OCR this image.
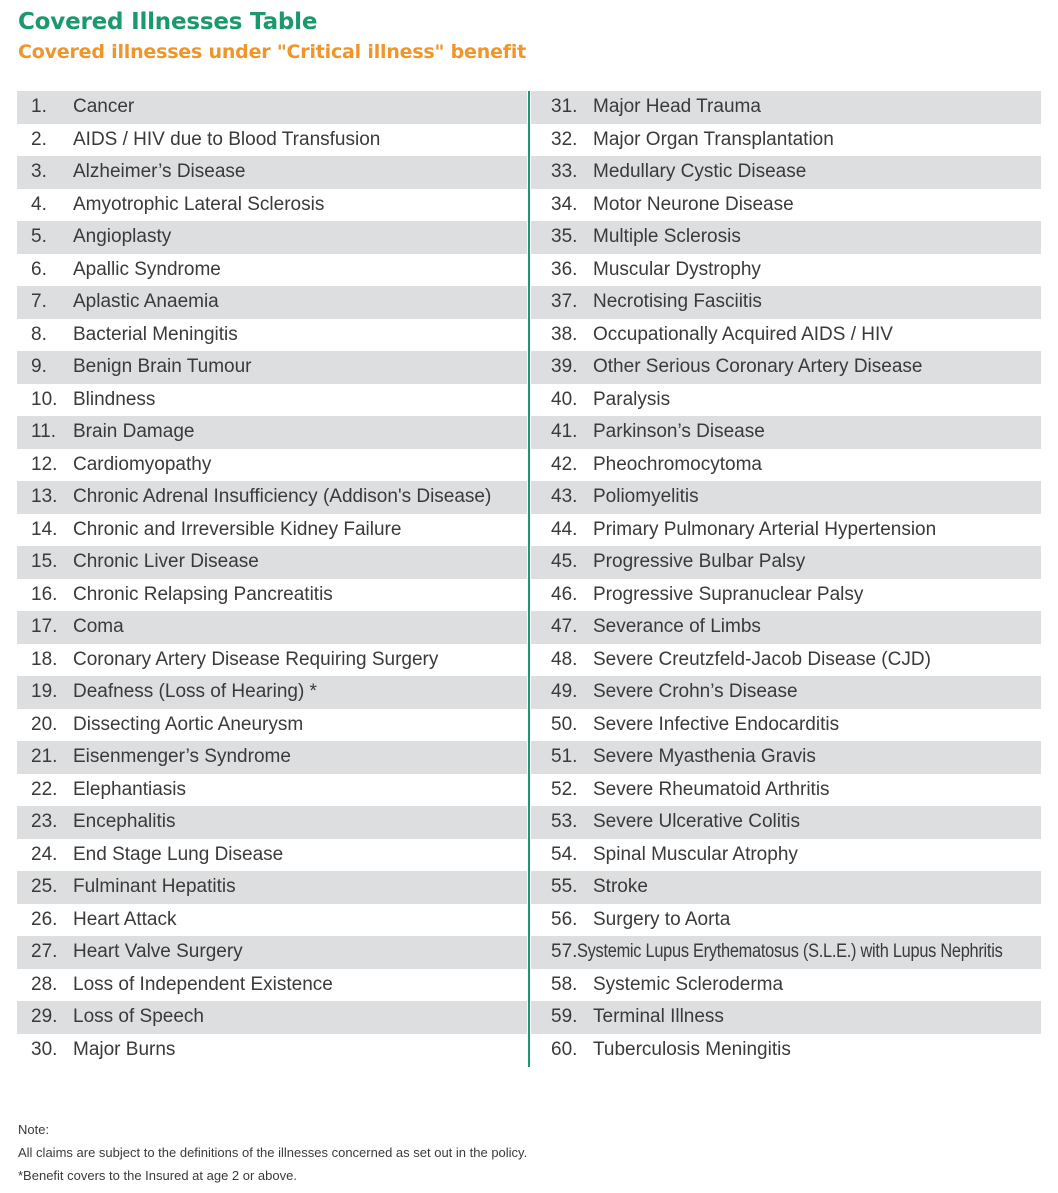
Covered Illnesses Table
Covered illnesses under "Critical illness" benefit
1.	Cancer
2.	AIDS / HIV due to Blood Transfusion
3.	Alzheimer’s Disease
4.	Amyotrophic Lateral Sclerosis
5.	Angioplasty
6.	Apallic Syndrome
7.	Aplastic Anaemia
8.	Bacterial Meningitis
9.	Benign Brain Tumour
10. Blindness
11. Brain Damage
12. Cardiomyopathy
13. Chronic Adrenal Insufficiency (Addison's Disease)
14. Chronic and Irreversible Kidney Failure
15. Chronic Liver Disease
16. Chronic Relapsing Pancreatitis
17. Coma
18. Coronary Artery Disease Requiring Surgery
19. Deafness (Loss of Hearing) *
20. Dissecting Aortic Aneurysm
21. Eisenmenger’s Syndrome
22. Elephantiasis
23. Encephalitis
24. End Stage Lung Disease
25. Fulminant Hepatitis
26. Heart Attack
27. Heart Valve Surgery
28. Loss of Independent Existence
29. Loss of Speech
30. Major Burns
31. Major Head Trauma
32. Major Organ Transplantation
33. Medullary Cystic Disease
34. Motor Neurone Disease
35. Multiple Sclerosis
36. Muscular Dystrophy
37. Necrotising Fasciitis
38. Occupationally Acquired AIDS / HIV
39. Other Serious Coronary Artery Disease
40. Paralysis
41. Parkinson’s Disease
42. Pheochromocytoma
43. Poliomyelitis
44. Primary Pulmonary Arterial Hypertension
45. Progressive Bulbar Palsy
46. Progressive Supranuclear Palsy
47. Severance of Limbs
48. Severe Creutzfeld-Jacob Disease (CJD)
49. Severe Crohn’s Disease
50. Severe Infective Endocarditis
51. Severe Myasthenia Gravis
52. Severe Rheumatoid Arthritis
53. Severe Ulcerative Colitis
54. Spinal Muscular Atrophy
55. Stroke
56. Surgery to Aorta
57. Systemic Lupus Erythematosus (S.L.E.) with Lupus Nephritis
58. Systemic Scleroderma
59. Terminal Illness
60. Tuberculosis Meningitis
Note:
All claims are subject to the definitions of the illnesses concerned as set out in the policy.
*Benefit covers to the Insured at age 2 or above.
